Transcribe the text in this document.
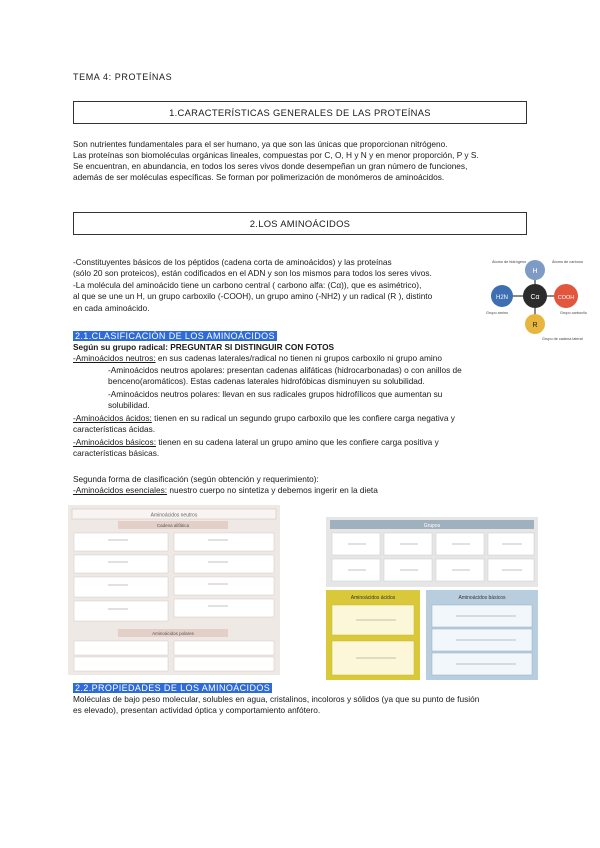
TEMA 4: PROTEÍNAS
1.CARACTERÍSTICAS GENERALES DE LAS PROTEÍNAS
Son nutrientes fundamentales para el ser humano, ya que son las únicas que proporcionan nitrógeno.
Las proteínas son biomoléculas orgánicas lineales, compuestas por C, O, H y N y en menor proporción, P y S.
Se encuentran, en abundancia, en todos los seres vivos donde desempeñan un gran número de funciones,
además de ser moléculas específicas. Se forman por polimerización de monómeros de aminoácidos.
2.LOS AMINOÁCIDOS
-Constituyentes básicos de los péptidos (cadena corta de aminoácidos) y las proteínas
(sólo 20 son proteicos), están codificados en el ADN y son los mismos para todos los seres vivos.
-La molécula del aminoácido tiene un carbono central ( carbono alfa: (Cα)), que es asimétrico),
al que se une un H, un grupo carboxilo (-COOH), un grupo amino (-NH2) y un radical (R ), distinto
en cada aminoácido.
H
Cα
H2N	COOH
R
Átomo de hidrógeno	Átomo de carbono
Grupo amino	Grupo carboxilo
Grupo de cadena lateral
2.1.CLASIFICACIÓN DE LOS AMINOÁCIDOS
Según su grupo radical: PREGUNTAR SI DISTINGUIR CON FOTOS
-Aminoácidos neutros: en sus cadenas laterales/radical no tienen ni grupos carboxilo ni grupo amino
-Aminoácidos neutros apolares: presentan cadenas alifáticas (hidrocarbonadas) o con anillos de
benceno(aromáticos). Estas cadenas laterales hidrofóbicas disminuyen su solubilidad.
-Aminoácidos neutros polares: llevan en sus radicales grupos hidrofílicos que aumentan su
solubilidad.
-Aminoácidos ácidos: tienen en su radical un segundo grupo carboxilo que les confiere carga negativa y
características ácidas.
-Aminoácidos básicos: tienen en su cadena lateral un grupo amino que les confiere carga positiva y
características básicas.
Segunda forma de clasificación (según obtención y requerimiento):
-Aminoácidos esenciales: nuestro cuerpo no sintetiza y debemos ingerir en la dieta
Aminoácidos neutros
Cadena alifática
Aminoácidos polares
Grupos
Aminoácidos ácidos	Aminoácidos básicos
2.2.PROPIEDADES DE LOS AMINOÁCIDOS
Moléculas de bajo peso molecular, solubles en agua, cristalinos, incoloros y sólidos (ya que su punto de fusión
es elevado), presentan actividad óptica y comportamiento anfótero.
